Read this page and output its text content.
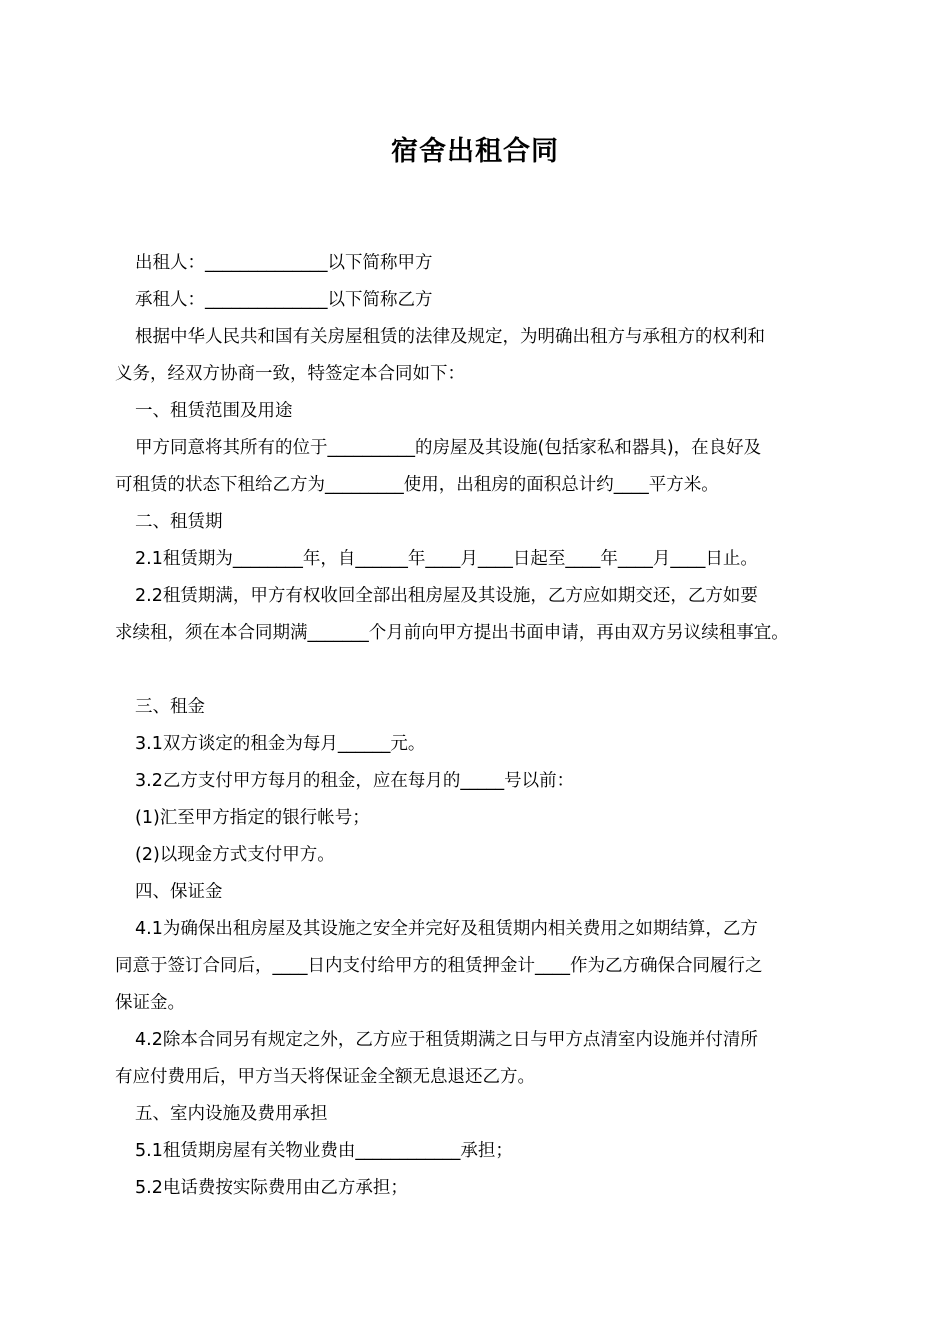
宿舍出租合同
出租人：______________以下简称甲方
承租人：______________以下简称乙方
根据中华人民共和国有关房屋租赁的法律及规定，为明确出租方与承租方的权利和
义务，经双方协商一致，特签定本合同如下：
一、租赁范围及用途
甲方同意将其所有的位于__________的房屋及其设施(包括家私和器具)，在良好及
可租赁的状态下租给乙方为_________使用，出租房的面积总计约____平方米。
二、租赁期
2.1租赁期为________年，自______年____月____日起至____年____月____日止。
2.2租赁期满，甲方有权收回全部出租房屋及其设施，乙方应如期交还，乙方如要
求续租，须在本合同期满_______个月前向甲方提出书面申请，再由双方另议续租事宜。
三、租金
3.1双方谈定的租金为每月______元。
3.2乙方支付甲方每月的租金，应在每月的_____号以前：
(1)汇至甲方指定的银行帐号；
(2)以现金方式支付甲方。
四、保证金
4.1为确保出租房屋及其设施之安全并完好及租赁期内相关费用之如期结算，乙方
同意于签订合同后，____日内支付给甲方的租赁押金计____作为乙方确保合同履行之
保证金。
4.2除本合同另有规定之外，乙方应于租赁期满之日与甲方点清室内设施并付清所
有应付费用后，甲方当天将保证金全额无息退还乙方。
五、室内设施及费用承担
5.1租赁期房屋有关物业费由____________承担；
5.2电话费按实际费用由乙方承担；
